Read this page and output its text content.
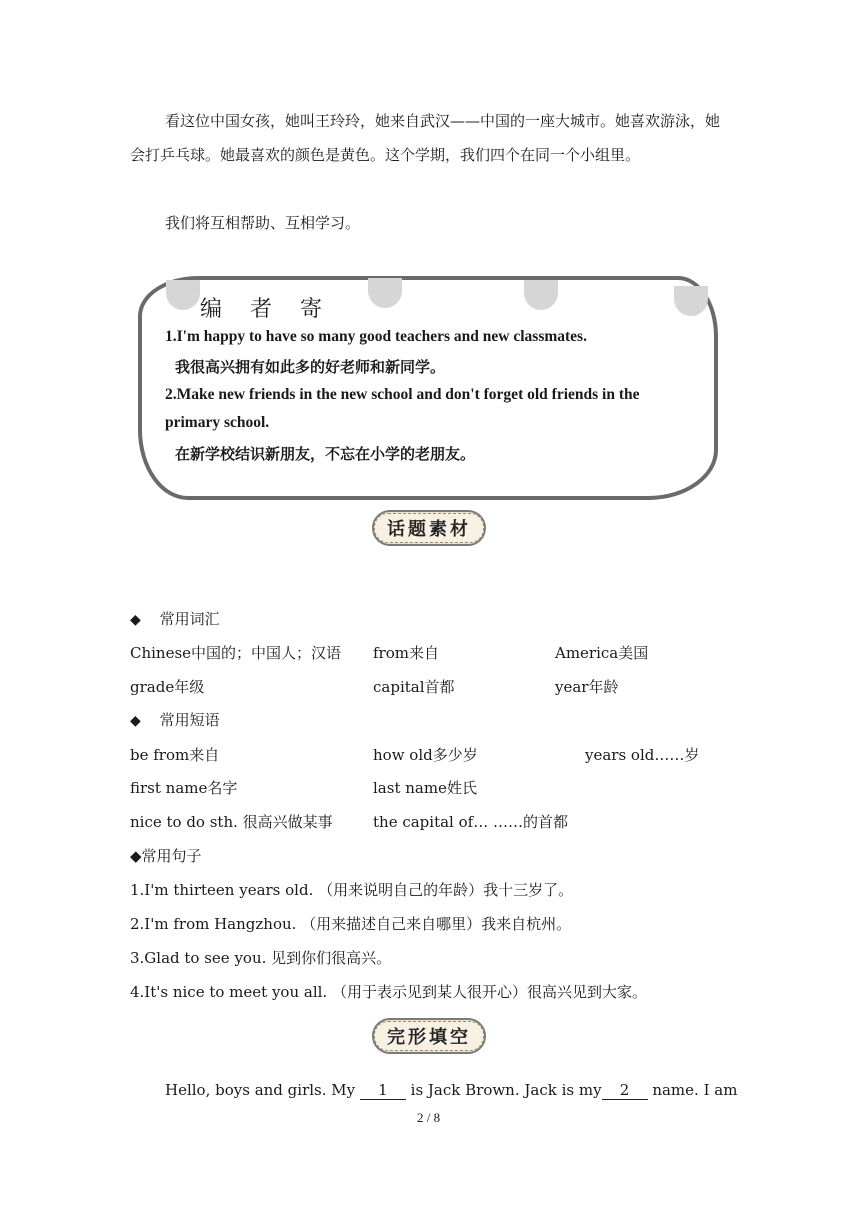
看这位中国女孩，她叫王玲玲，她来自武汉——中国的一座大城市。她喜欢游泳，她会打乒乓球。她最喜欢的颜色是黄色。这个学期，我们四个在同一个小组里。
我们将互相帮助、互相学习。
编者寄
1.I'm happy to have so many good teachers and new classmates.
我很高兴拥有如此多的好老师和新同学。
2.Make new friends in the new school and don't forget old friends in the
primary school.
在新学校结识新朋友，不忘在小学的老朋友。
话题素材
◆ 常用词汇
Chinese中国的；中国人；汉语 from来自	America美国
grade年级	capital首都	year年龄
◆ 常用短语
be from来自	how old多少岁	years old……岁
first name名字	last name姓氏
nice to do sth. 很高兴做某事	the capital of… ……的首都
◆常用句子
1.I'm thirteen years old. （用来说明自己的年龄）我十三岁了。
2.I'm from Hangzhou. （用来描述自己来自哪里）我来自杭州。
3.Glad to see you. 见到你们很高兴。
4.It's nice to meet you all. （用于表示见到某人很开心）很高兴见到大家。
完形填空
Hello, boys and girls. My 1 is Jack Brown. Jack is my 2 name. I am
2 / 8
